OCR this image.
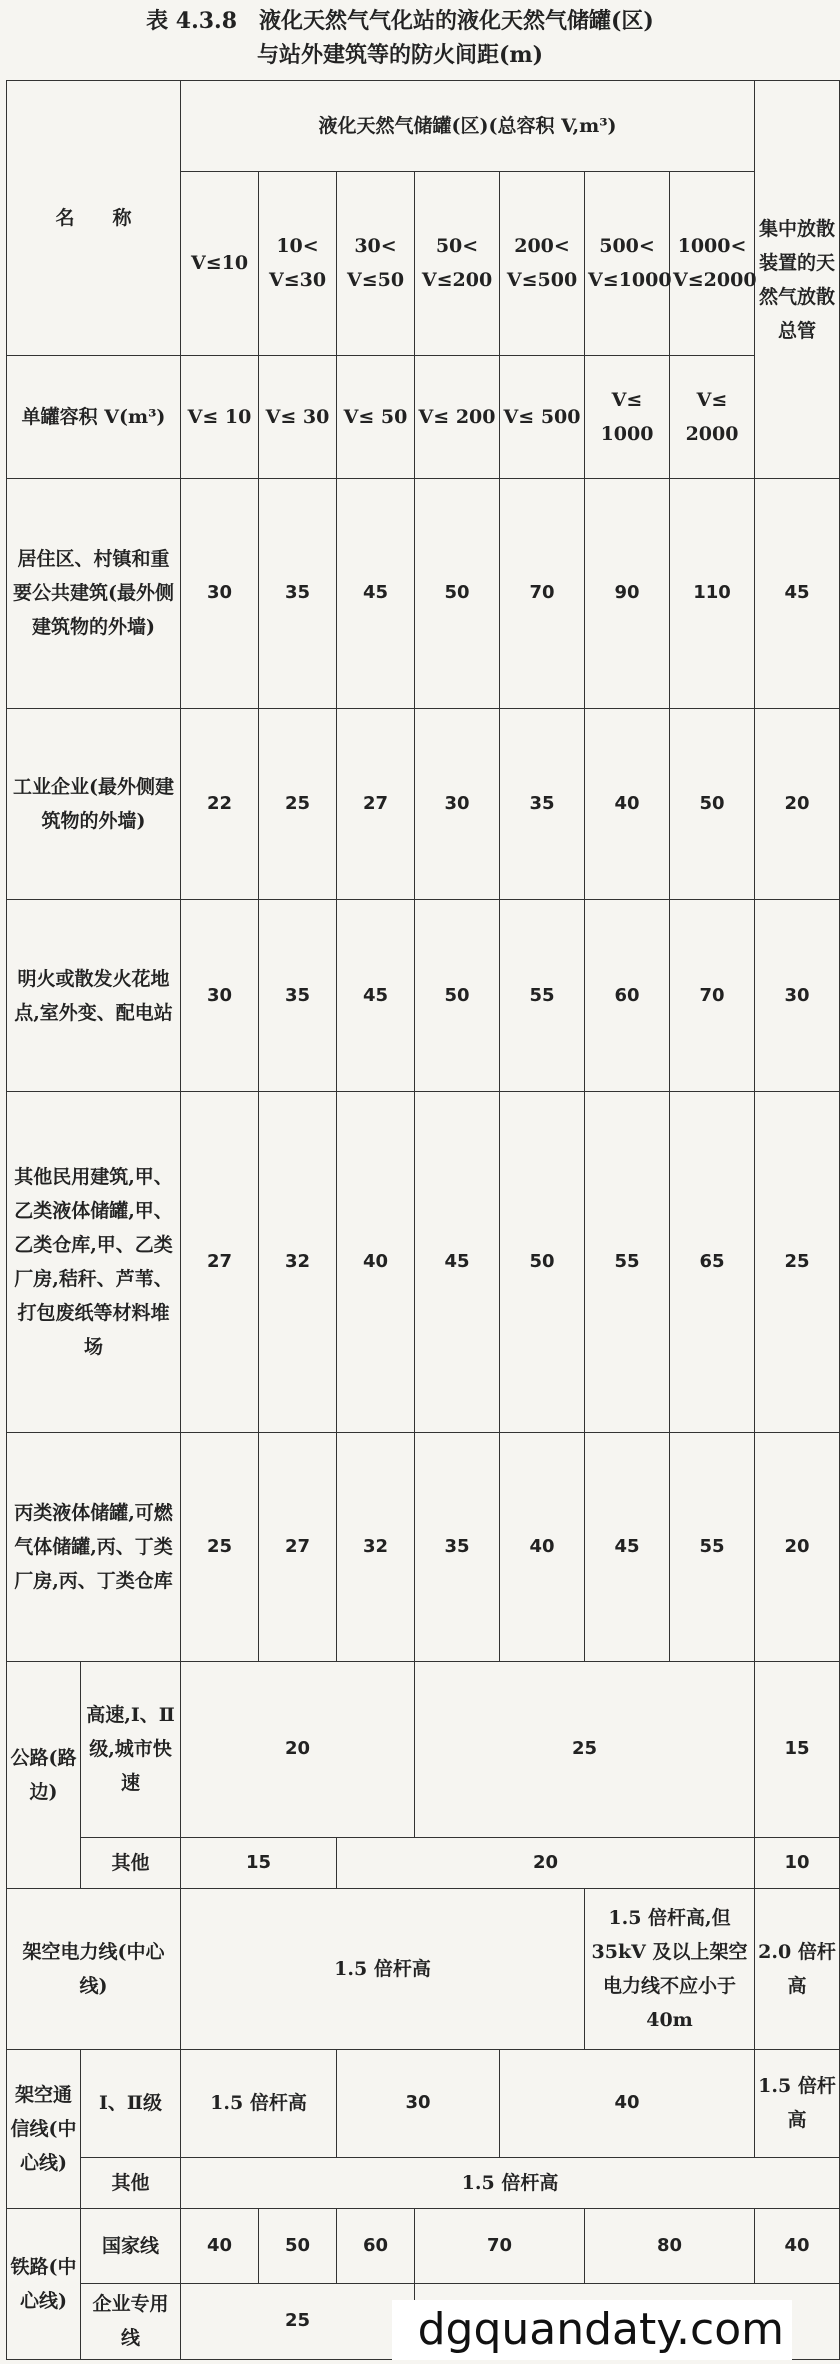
表 4.3.8　液化天然气气化站的液化天然气储罐(区)
与站外建筑等的防火间距(m)
名　　称		液化天然气储罐(区)(总容积 V,m³)							集中放散装置的天然气放散总管
		V≤10	10< V≤30	30< V≤50	50< V≤200	200< V≤500	500< V≤1000	1000< V≤2000	
单罐容积 V(m³)		V≤ 10	V≤ 30	V≤ 50	V≤ 200	V≤ 500	V≤ 1000	V≤ 2000	
居住区、村镇和重要公共建筑(最外侧建筑物的外墙)		30	35	45	50	70	90	110	45
工业企业(最外侧建筑物的外墙)		22	25	27	30	35	40	50	20
明火或散发火花地点,室外变、配电站		30	35	45	50	55	60	70	30
其他民用建筑,甲、乙类液体储罐,甲、乙类仓库,甲、乙类厂房,秸秆、芦苇、打包废纸等材料堆场		27	32	40	45	50	55	65	25
丙类液体储罐,可燃气体储罐,丙、丁类厂房,丙、丁类仓库		25	27	32	35	40	45	55	20
公路(路边)	高速,Ⅰ、Ⅱ级,城市快速	20			25				15
	其他	15		20					10
架空电力线(中心线)		1.5 倍杆高					1.5 倍杆高,但 35kV 及以上架空电力线不应小于 40m		2.0 倍杆高
架空通信线(中心线)	Ⅰ、Ⅱ级	1.5 倍杆高		30		40			1.5 倍杆高
	其他	1.5 倍杆高							
铁路(中心线)	国家线	40	50	60	70		80		40
	企业专用线	25								dgquandaty.com
